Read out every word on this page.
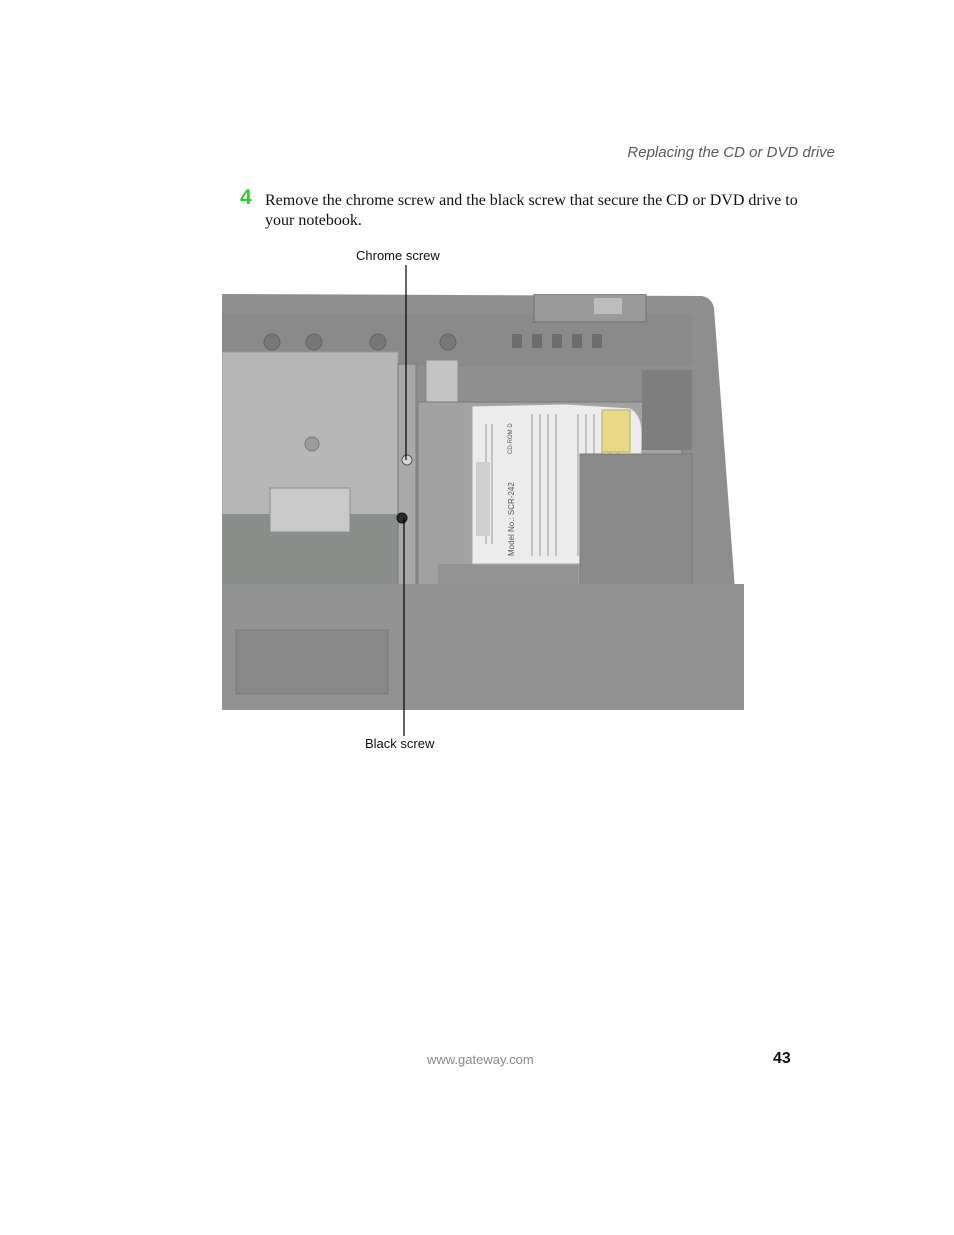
Replacing the CD or DVD drive
4 Remove the chrome screw and the black screw that secure the CD or DVD drive to your notebook.
Chrome screw
Model No.: SCR-242
CD-ROM D
Black screw
www.gateway.com	43
